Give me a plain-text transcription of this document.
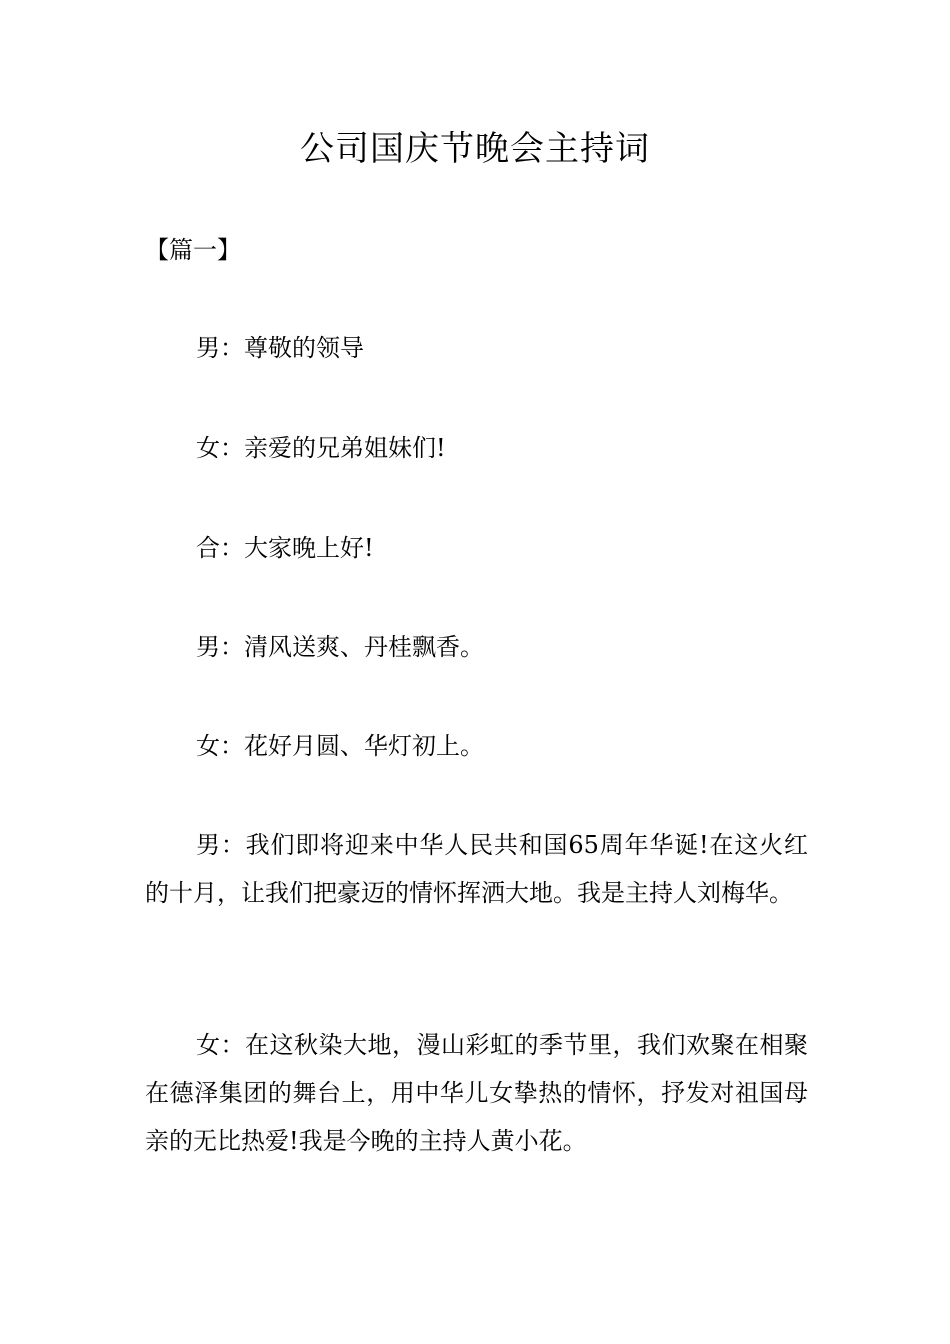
公司国庆节晚会主持词

【篇一】

男：尊敬的领导

女：亲爱的兄弟姐妹们!

合：大家晚上好!

男：清风送爽、丹桂飘香。

女：花好月圆、华灯初上。

男：我们即将迎来中华人民共和国65周年华诞!在这火红的十月，让我们把豪迈的情怀挥洒大地。我是主持人刘梅华。

女：在这秋染大地，漫山彩虹的季节里，我们欢聚在相聚在德泽集团的舞台上，用中华儿女挚热的情怀，抒发对祖国母亲的无比热爱!我是今晚的主持人黄小花。
